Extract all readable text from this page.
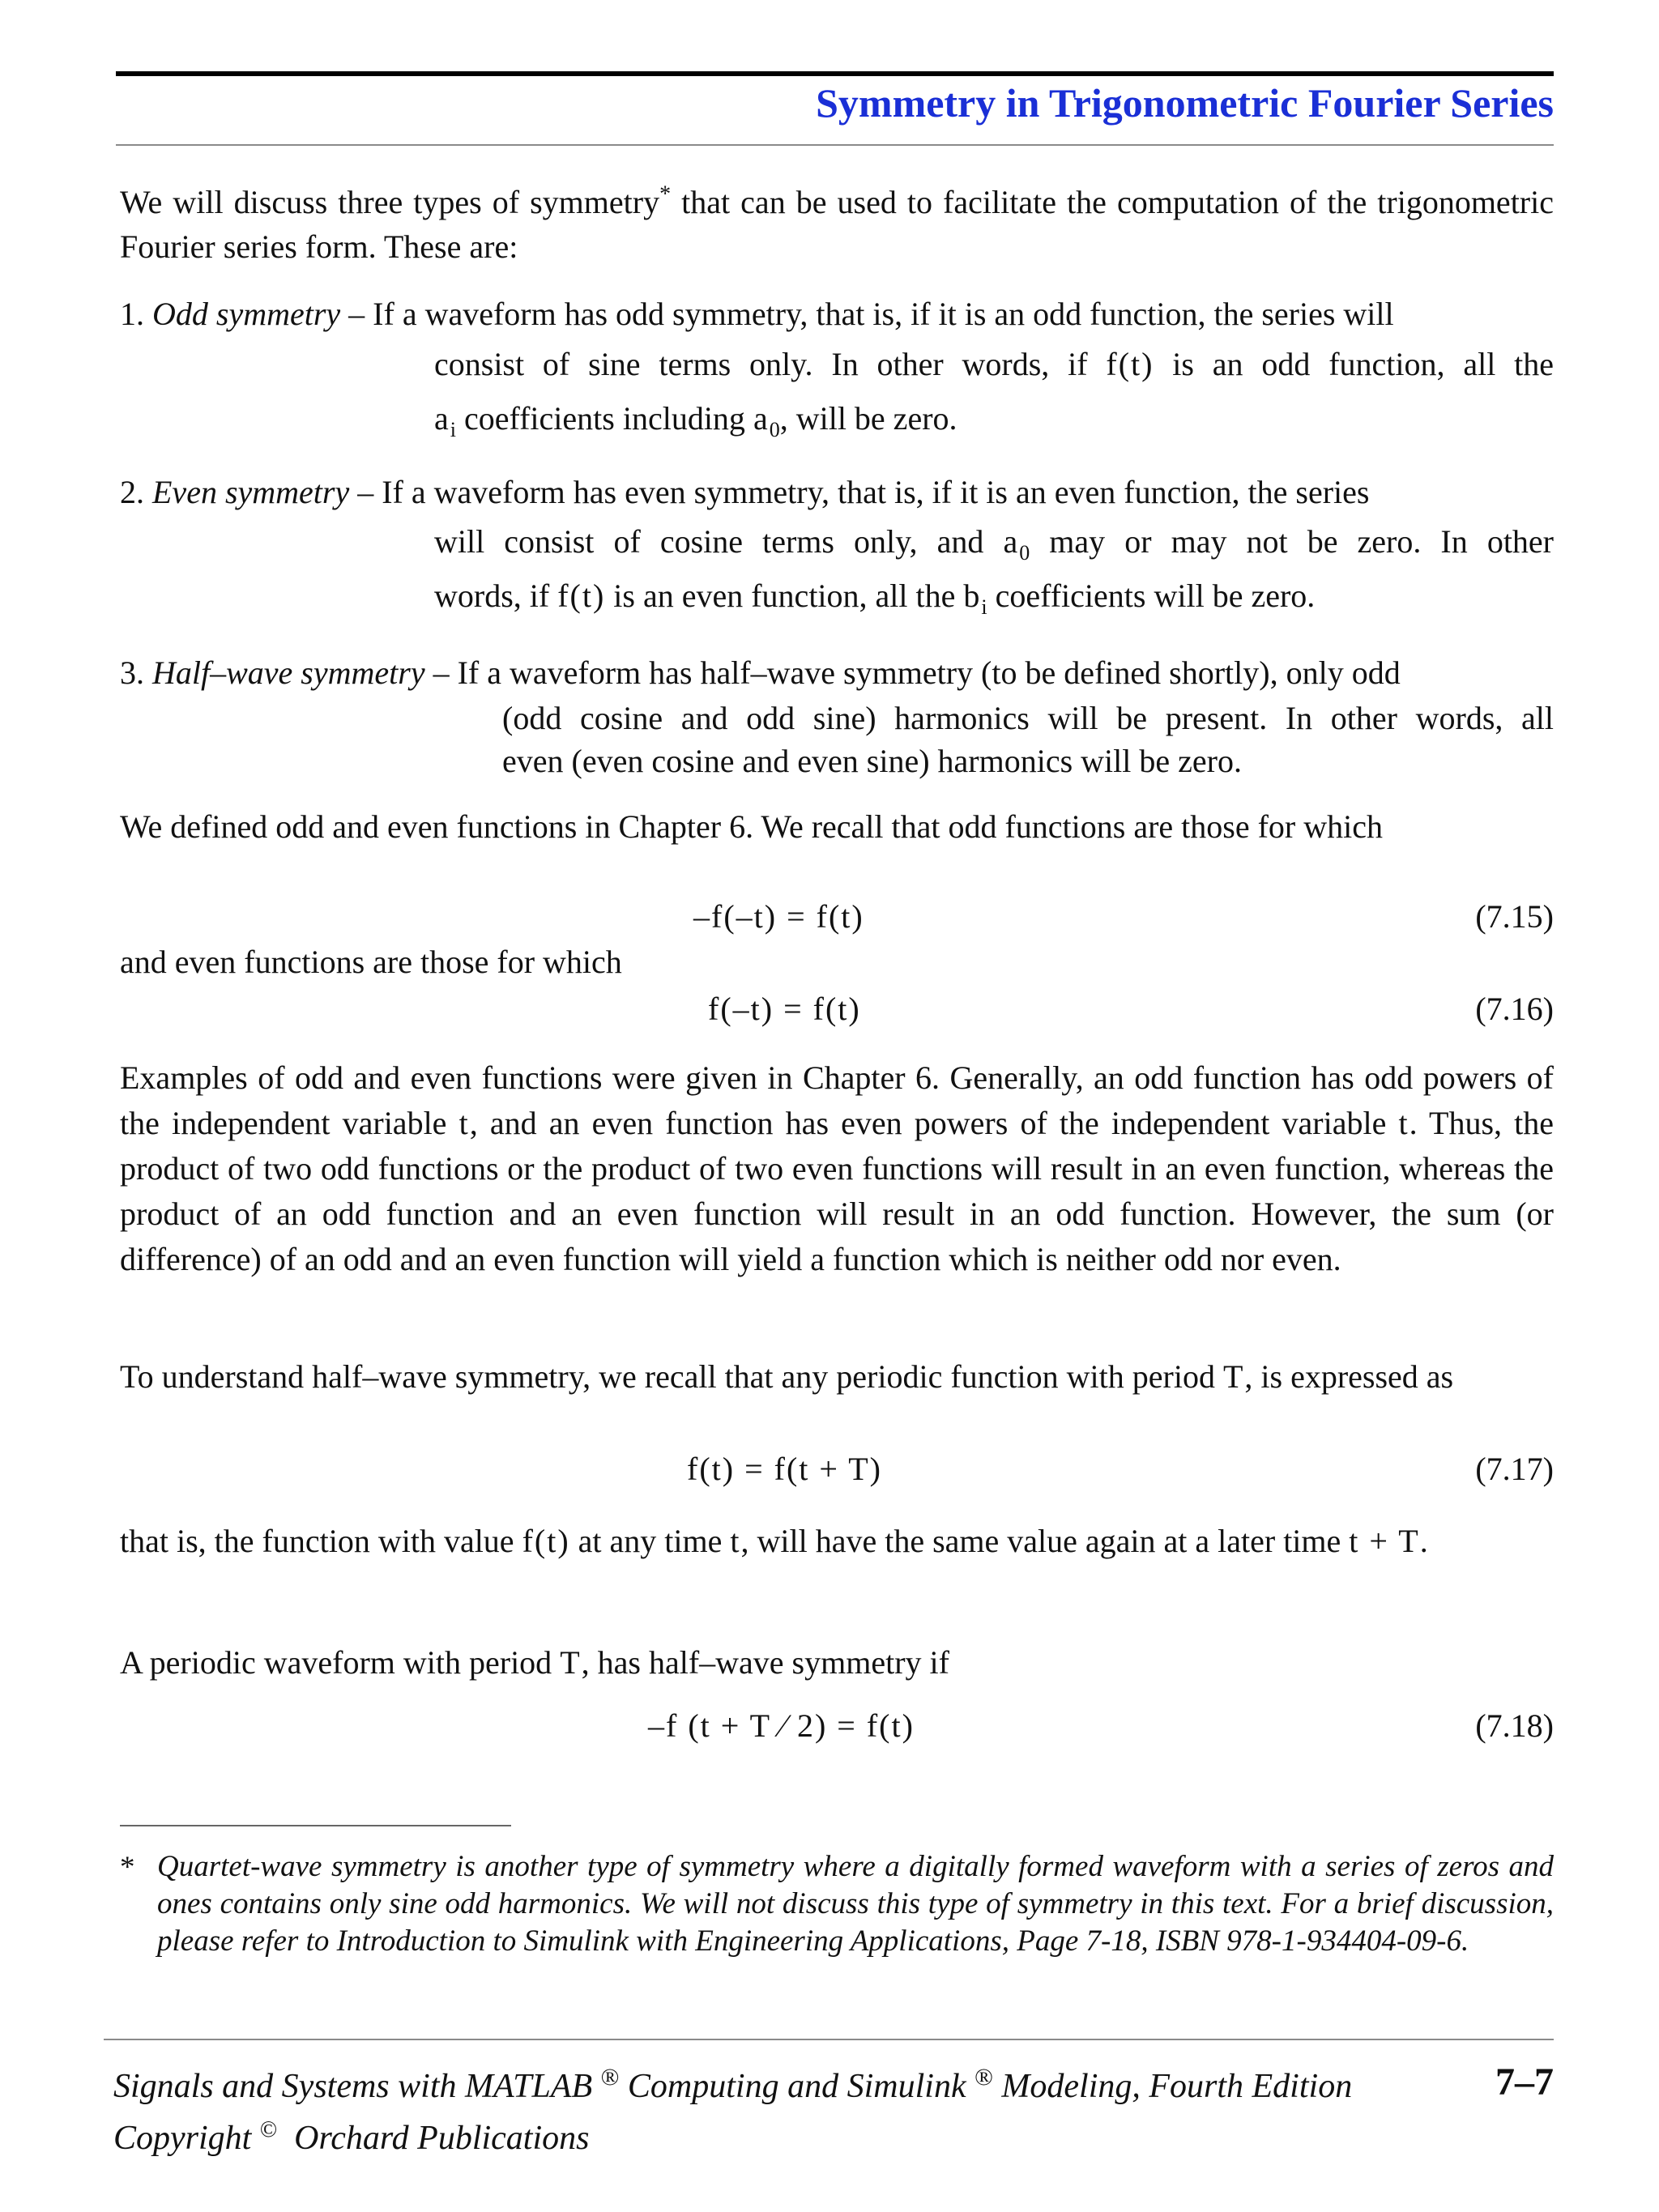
Symmetry in Trigonometric Fourier Series

We will discuss three types of symmetry* that can be used to facilitate the computation of the trigonometric Fourier series form. These are:

1. Odd symmetry – If a waveform has odd symmetry, that is, if it is an odd function, the series will
consist of sine terms only. In other words, if f(t) is an odd function, all the
$a_i$ coefficients including $a_0$, will be zero.
2. Even symmetry – If a waveform has even symmetry, that is, if it is an even function, the series
will consist of cosine terms only, and $a_0$ may or may not be zero. In other
words, if f(t) is an even function, all the $b_i$ coefficients will be zero.
3. Half–wave symmetry – If a waveform has half–wave symmetry (to be defined shortly), only odd
(odd cosine and odd sine) harmonics will be present. In other words, all
even (even cosine and even sine) harmonics will be zero.

We defined odd and even functions in Chapter 6. We recall that odd functions are those for which

–f(–t) = f(t)	(7.15)

and even functions are those for which

f(–t) = f(t)	(7.16)

Examples of odd and even functions were given in Chapter 6. Generally, an odd function has odd powers of the independent variable t, and an even function has even powers of the independent variable t. Thus, the product of two odd functions or the product of two even functions will result in an even function, whereas the product of an odd function and an even function will result in an odd function. However, the sum (or difference) of an odd and an even function will yield a function which is neither odd nor even.

To understand half–wave symmetry, we recall that any periodic function with period T, is expressed as

f(t) = f(t + T)	(7.17)

that is, the function with value f(t) at any time t, will have the same value again at a later time t + T.

A periodic waveform with period T, has half–wave symmetry if

–f (t + T ⁄ 2) = f(t)	(7.18)
* Quartet-wave symmetry is another type of symmetry where a digitally formed waveform with a series of zeros and ones contains only sine odd harmonics. We will not discuss this type of symmetry in this text. For a brief discussion, please refer to Introduction to Simulink with Engineering Applications, Page 7-18, ISBN 978-1-934404-09-6.
Signals and Systems with MATLAB ® Computing and Simulink ® Modeling, Fourth Edition	7–7
Copyright © Orchard Publications
